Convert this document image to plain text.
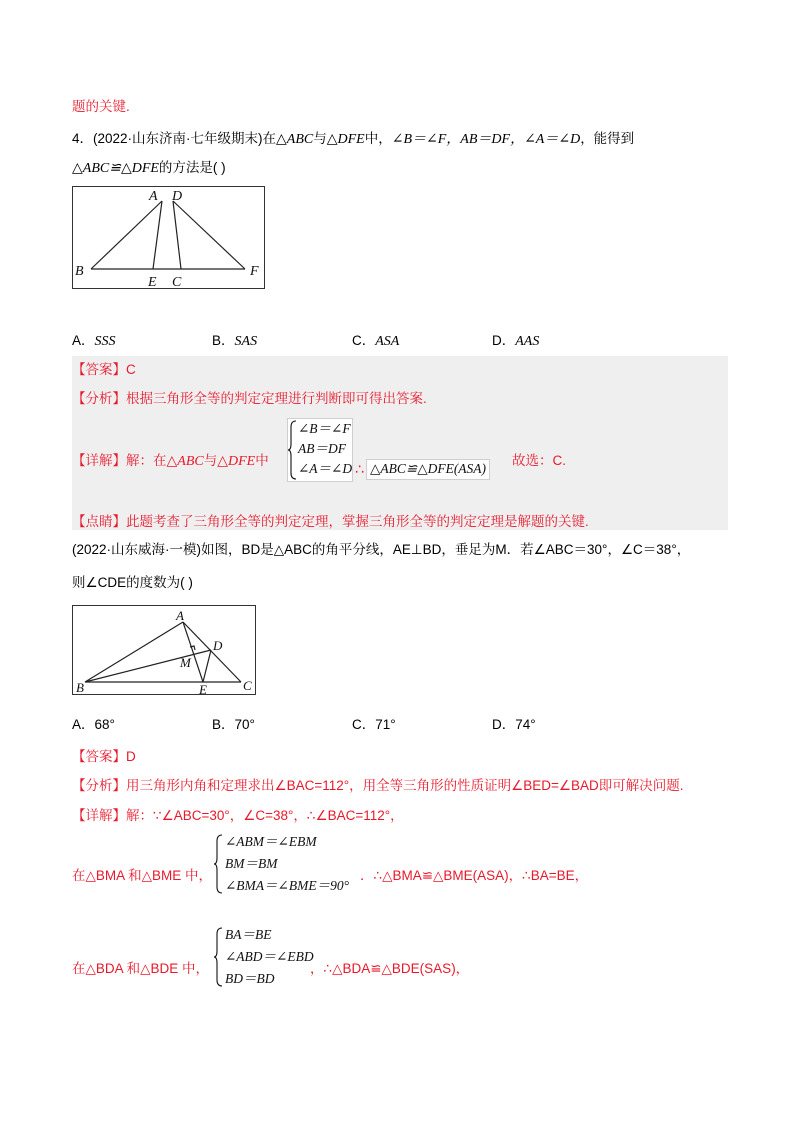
题的关键.
4．(2022·山东济南·七年级期末)在△ABC与△DFE中，∠B＝∠F，AB＝DF，∠A＝∠D，能得到
△ABC≌△DFE的方法是( )
A D
B
E C
F
A．SSS	B．SAS	C．ASA	D．AAS
【答案】C
【分析】根据三角形全等的判定定理进行判断即可得出答案.
【详解】解：在△ABC与△DFE中
∠B＝∠F
AB＝DF
∠A＝∠D ∴ △ABC≌△DFE(ASA)
故选：C.
【点睛】此题考查了三角形全等的判定定理，掌握三角形全等的判定定理是解题的关键.
(2022·山东威海·一模)如图，BD是△ABC的角平分线，AE⊥BD，垂足为M．若∠ABC＝30°，∠C＝38°，
则∠CDE的度数为( )
A
D
M
B	E	C
A．68°	B．70°	C．71°	D．74°
【答案】D
【分析】用三角形内角和定理求出∠BAC=112°，用全等三角形的性质证明∠BED=∠BAD即可解决问题.
【详解】解：∵∠ABC=30°，∠C=38°，∴∠BAC=112°，
在△BMA 和△BME 中，
∠ABM＝∠EBM
BM＝BM
∠BMA＝∠BME＝90°
．∴△BMA≌△BME(ASA)，∴BA=BE，
在△BDA 和△BDE 中，
BA＝BE
∠ABD＝∠EBD
BD＝BD
，∴△BDA≌△BDE(SAS)，
